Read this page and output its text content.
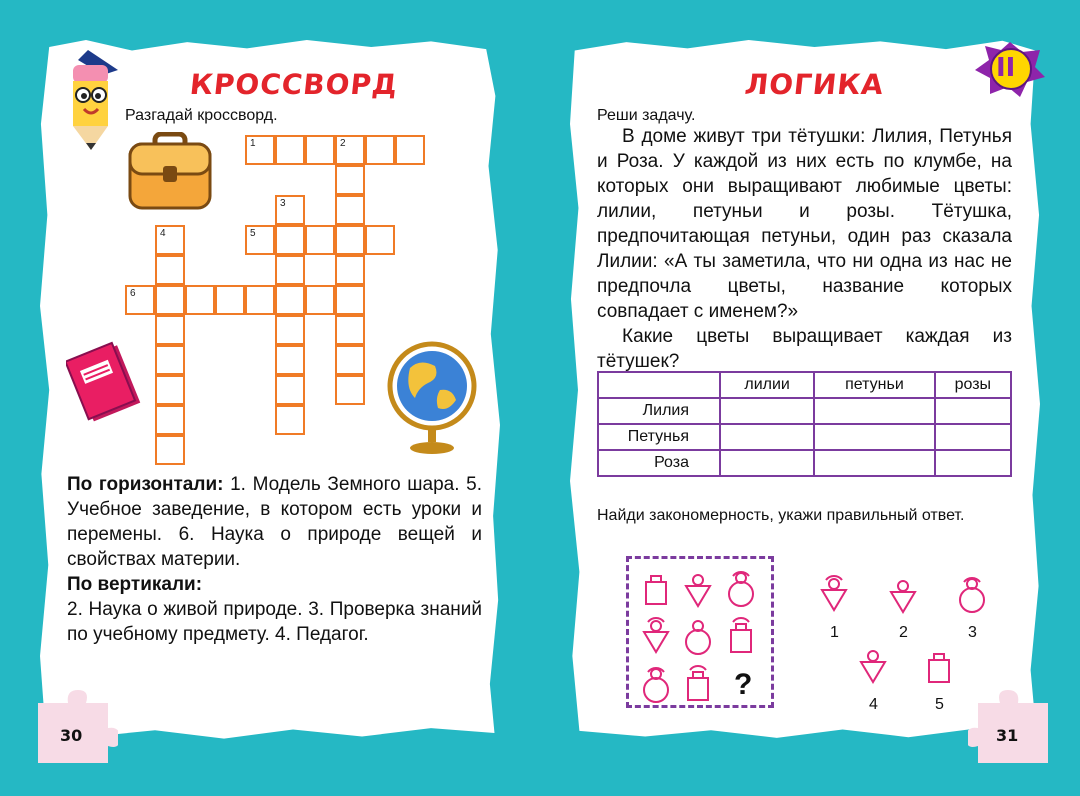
КРОССВОРД
Разгадай кроссворд.
1	2
3
4	5
6
По горизонтали: 1. Модель Земного шара. 5. Учебное заведение, в котором есть уроки и перемены. 6. Наука о природе вещей и свойствах материи.
По вертикали:
2. Наука о живой природе. 3. Проверка знаний по учебному предмету. 4. Педагог.
30
II
ЛОГИКА
Реши задачу.
В доме живут три тётушки: Лилия, Петунья и Роза. У каждой из них есть по клумбе, на которых они выращивают любимые цветы: лилии, петуньи и розы. Тётушка, предпочитающая петуньи, один раз сказала Лилии: «А ты заметила, что ни одна из нас не предпочла цветы, название которых совпадает с именем?»
Какие цветы выращивает каждая из тётушек?
	лилии	петуньи	розы
Лилия			
Петунья			
Роза			
Найди закономерность, укажи правильный ответ.
?
1	2	3
4	5
31
